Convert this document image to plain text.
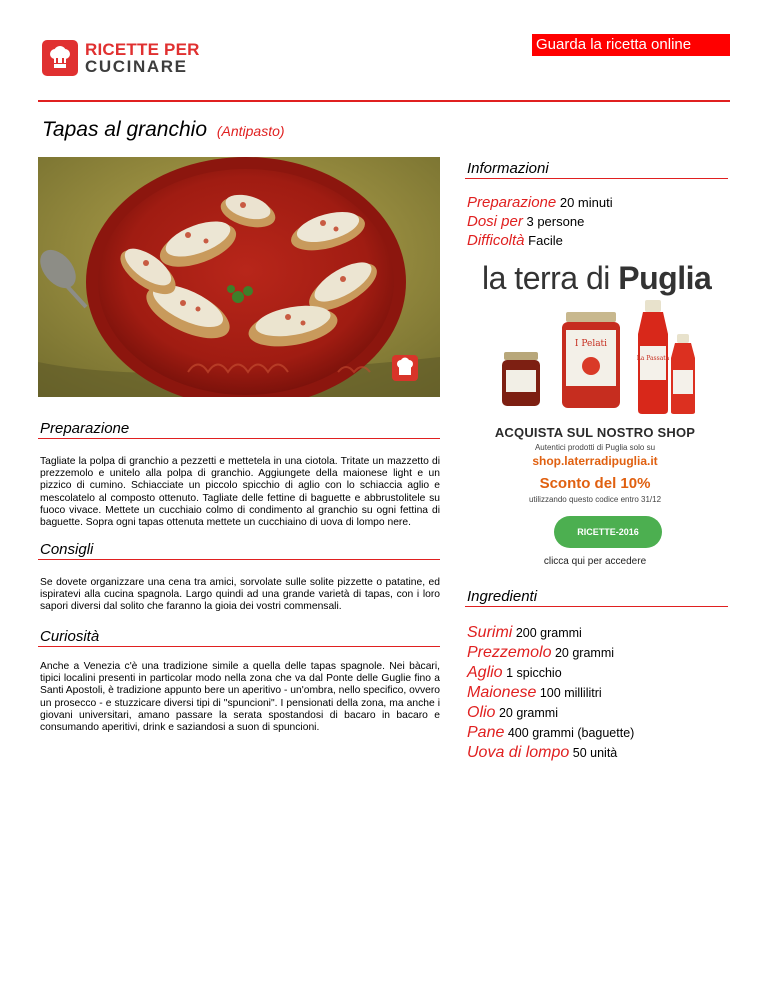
RICETTE PER
CUCINARE
Guarda la ricetta online
Tapas al granchio (Antipasto)
Preparazione
Tagliate la polpa di granchio a pezzetti e mettetela in una ciotola. Tritate un mazzetto di prezzemolo e unitelo alla polpa di granchio. Aggiungete della maionese light e un pizzico di cumino. Schiacciate un piccolo spicchio di aglio con lo schiaccia aglio e mescolatelo al composto ottenuto. Tagliate delle fettine di baguette e abbrustolitele su fuoco vivace. Mettete un cucchiaio colmo di condimento al granchio su ogni fettina di baguette. Sopra ogni tapas ottenuta mettete un cucchiaino di uova di lompo nere.
Consigli
Se dovete organizzare una cena tra amici, sorvolate sulle solite pizzette o patatine, ed ispiratevi alla cucina spagnola. Largo quindi ad una grande varietà di tapas, con i loro sapori diversi dal solito che faranno la gioia dei vostri commensali.
Curiosità
Anche a Venezia c'è una tradizione simile a quella delle tapas spagnole. Nei bàcari, tipici localini presenti in particolar modo nella zona che va dal Ponte delle Guglie fino a Santi Apostoli, è tradizione appunto bere un aperitivo - un'ombra, nello specifico, ovvero un prosecco - e stuzzicare diversi tipi di "spuncioni". I pensionati della zona, ma anche i giovani universitari, amano passare la serata spostandosi di bacaro in bacaro e consumando aperitivi, drink e saziandosi a suon di spuncioni.
Informazioni
Preparazione 20 minuti
Dosi per 3 persone
Difficoltà Facile
la terra di Puglia
I Pelati
La Passata
ACQUISTA SUL NOSTRO SHOP
Autentici prodotti di Puglia solo su
shop.laterradipuglia.it
Sconto del 10%
utilizzando questo codice entro 31/12
RICETTE-2016
clicca qui per accedere
Ingredienti
Surimi 200 grammi
Prezzemolo 20 grammi
Aglio 1 spicchio
Maionese 100 millilitri
Olio 20 grammi
Pane 400 grammi (baguette)
Uova di lompo 50 unità
